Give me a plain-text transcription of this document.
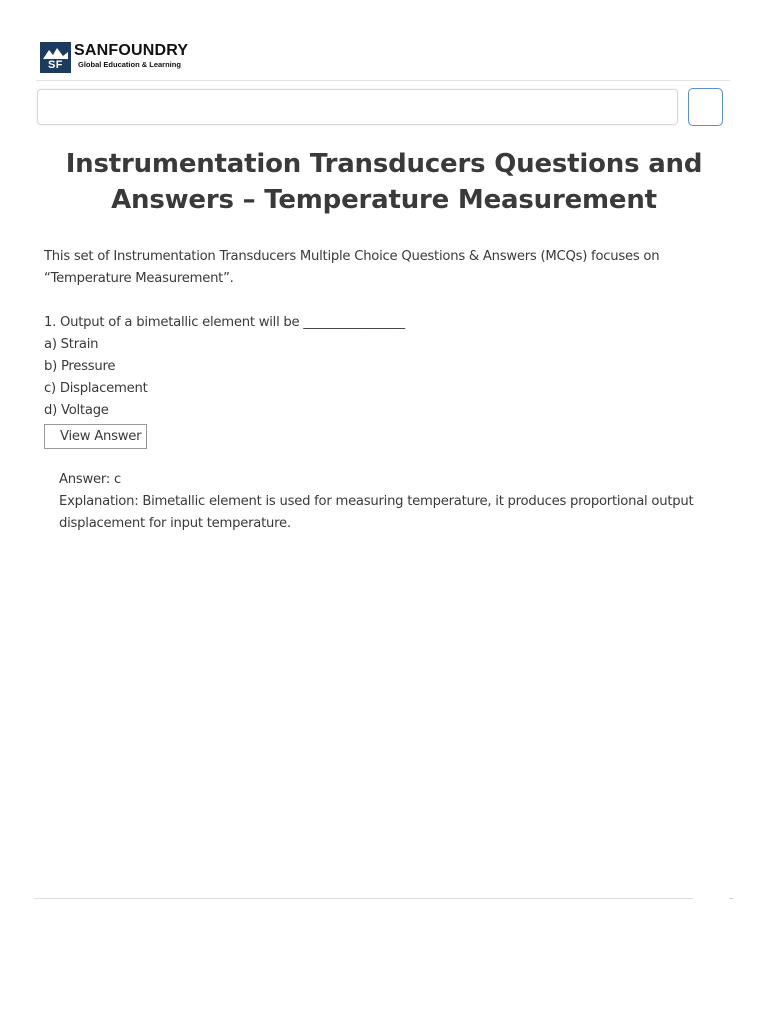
SF
SANFOUNDRY
Global Education & Learning
Instrumentation Transducers Questions and Answers – Temperature Measurement

This set of Instrumentation Transducers Multiple Choice Questions & Answers (MCQs) focuses on “Temperature Measurement”.

1. Output of a bimetallic element will be ________________

a) Strain

b) Pressure

c) Displacement

d) Voltage

View Answer

Answer: c

Explanation: Bimetallic element is used for measuring temperature, it produces proportional output displacement for input temperature.
